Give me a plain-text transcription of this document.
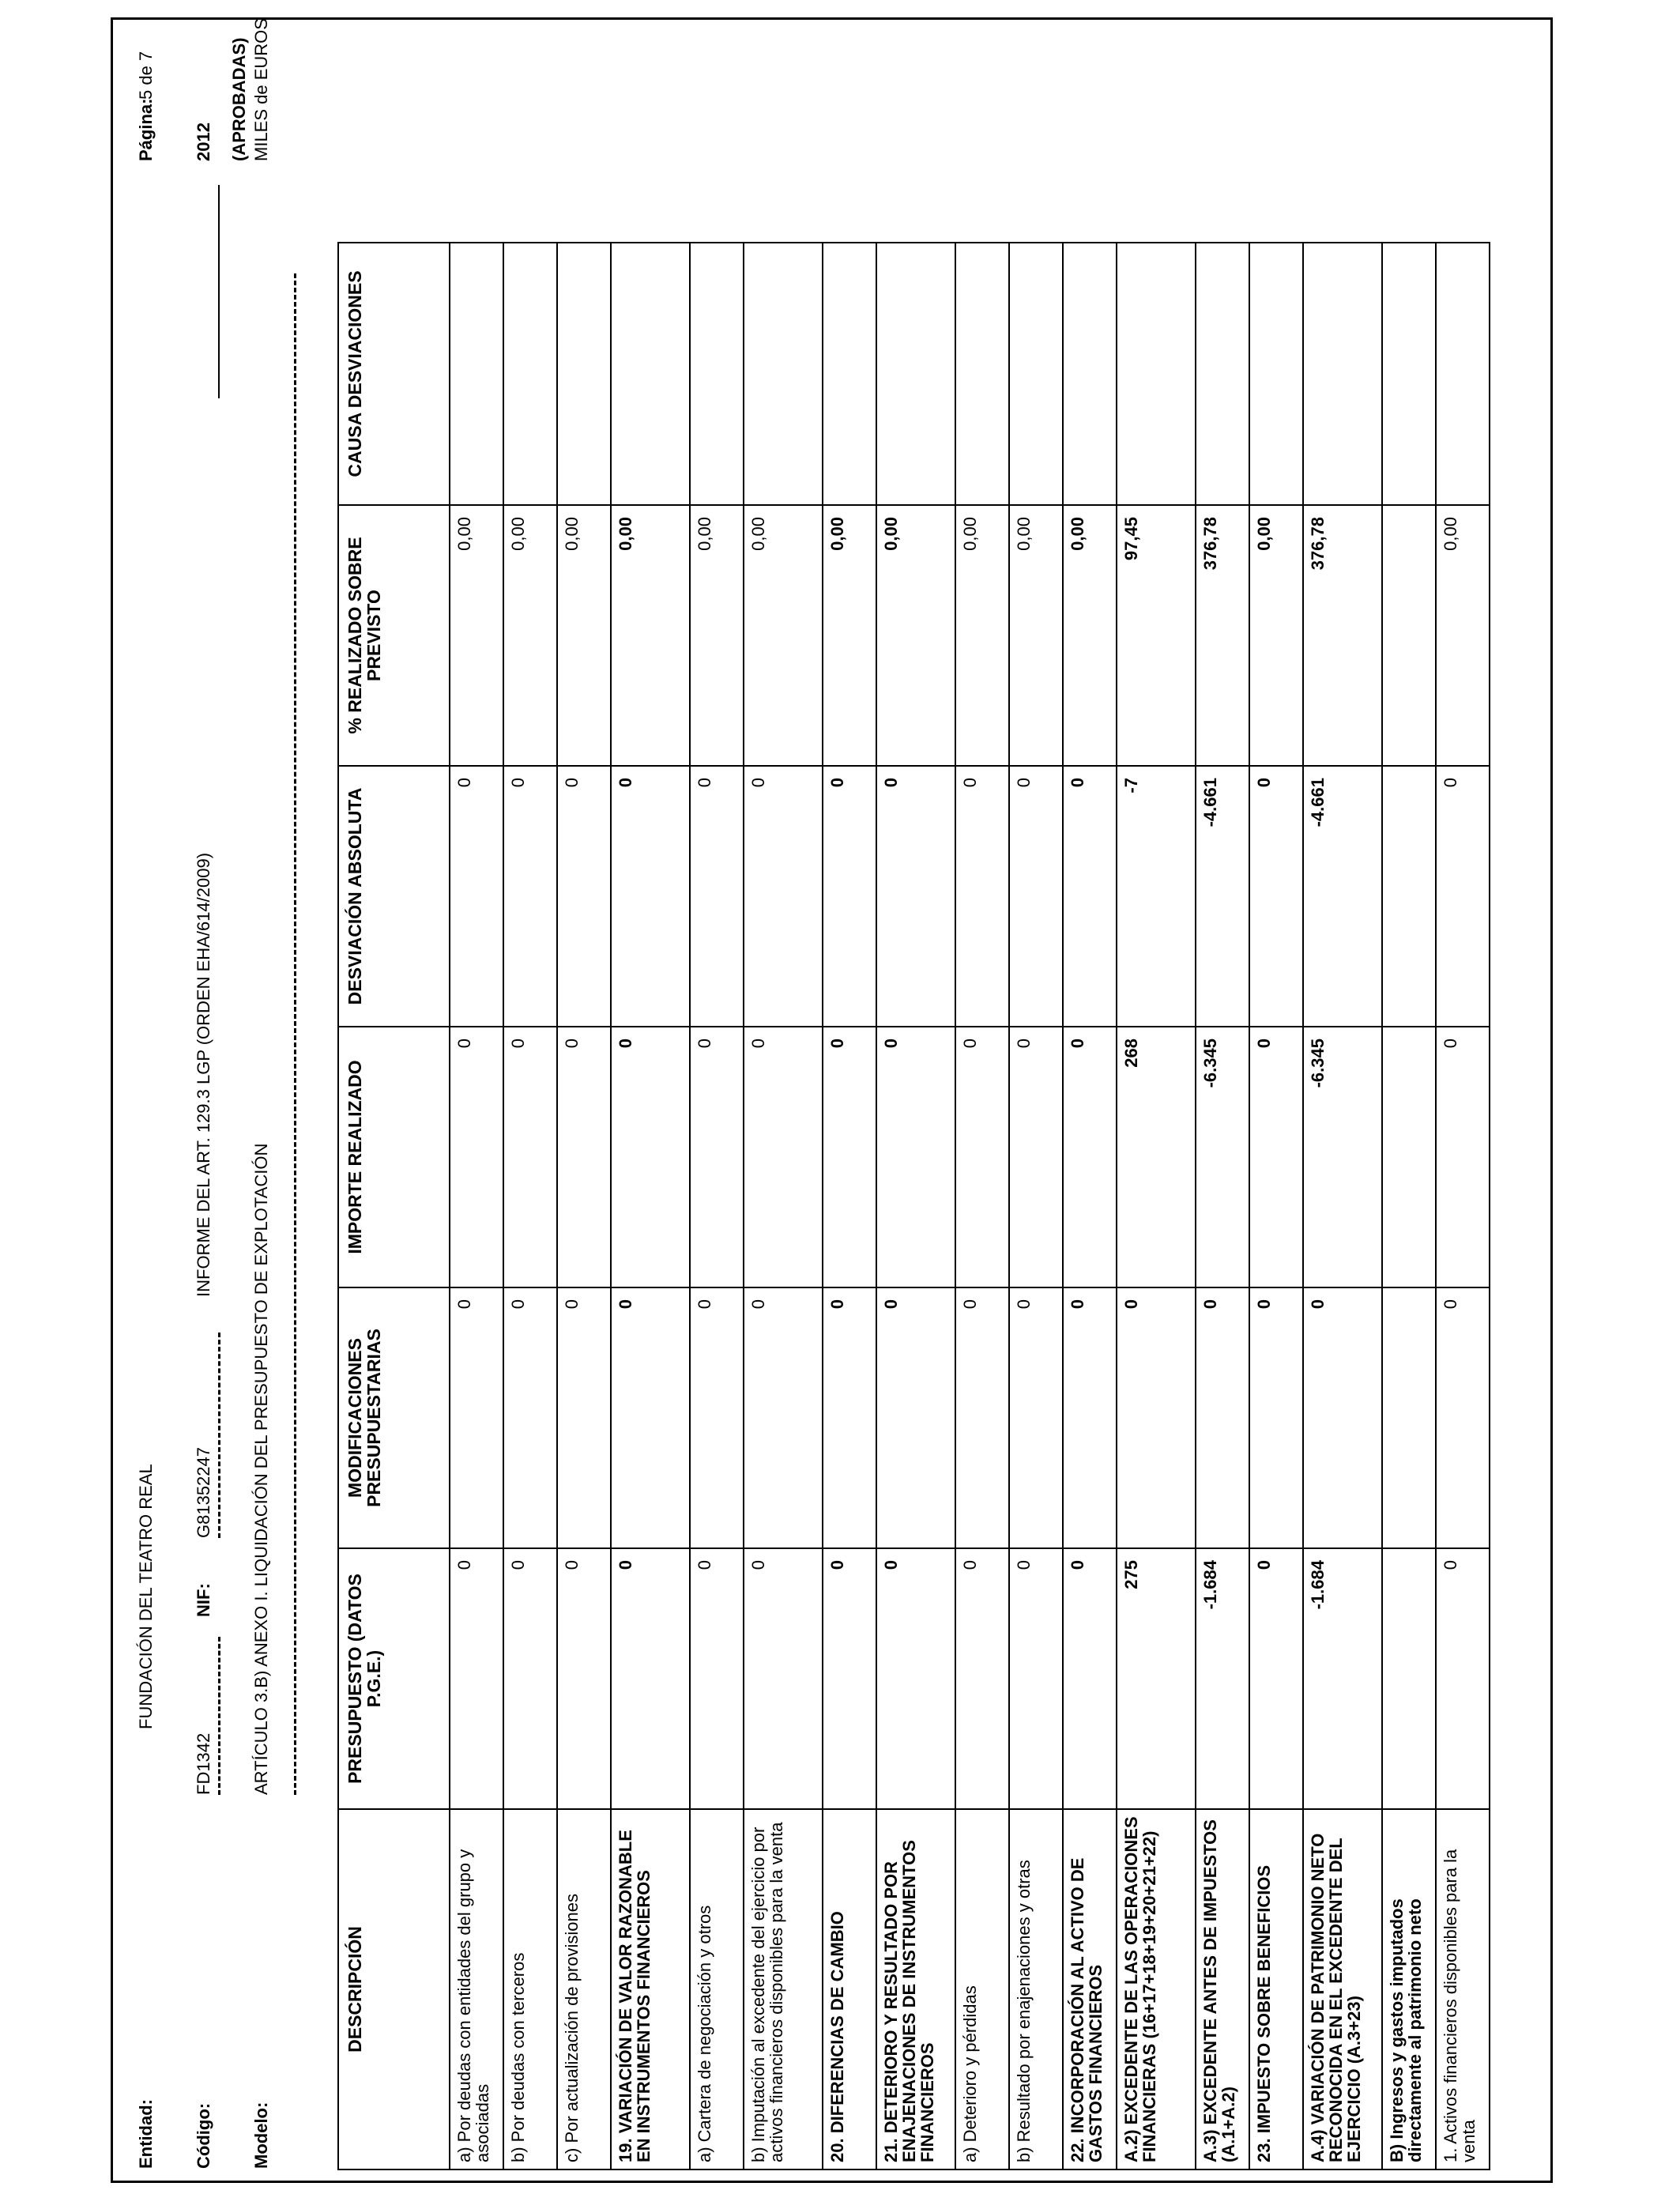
Entidad:
FUNDACIÓN DEL TEATRO REAL
Página:
5 de 7
Código:
FD1342
NIF:
G81352247
INFORME DEL ART. 129.3 LGP (ORDEN EHA/614/2009)
2012 (APROBADAS)
Modelo:
ARTÍCULO 3.B) ANEXO I. LIQUIDACIÓN DEL PRESUPUESTO DE EXPLOTACIÓN
MILES de EUROS
DESCRIPCIÓN	PRESUPUESTO (DATOS P.G.E.)	MODIFICACIONES PRESUPUESTARIAS	IMPORTE REALIZADO	DESVIACIÓN ABSOLUTA	% REALIZADO SOBRE PREVISTO	CAUSA DESVIACIONES
a) Por deudas con entidades del grupo y asociadas	0	0	0	0	0,00	
b) Por deudas con terceros	0	0	0	0	0,00	
c) Por actualización de provisiones	0	0	0	0	0,00	
19. VARIACIÓN DE VALOR RAZONABLE EN INSTRUMENTOS FINANCIEROS	0	0	0	0	0,00	
a) Cartera de negociación y otros	0	0	0	0	0,00	
b) Imputación al excedente del ejercicio por activos financieros disponibles para la venta	0	0	0	0	0,00	
20. DIFERENCIAS DE CAMBIO	0	0	0	0	0,00	
21. DETERIORO Y RESULTADO POR ENAJENACIONES DE INSTRUMENTOS FINANCIEROS	0	0	0	0	0,00	
a) Deterioro y pérdidas	0	0	0	0	0,00	
b) Resultado por enajenaciones y otras	0	0	0	0	0,00	
22. INCORPORACIÓN AL ACTIVO DE GASTOS FINANCIEROS	0	0	0	0	0,00	
A.2) EXCEDENTE DE LAS OPERACIONES FINANCIERAS (16+17+18+19+20+21+22)	275	0	268	-7	97,45	
A.3) EXCEDENTE ANTES DE IMPUESTOS (A.1+A.2)	-1.684	0	-6.345	-4.661	376,78	
23. IMPUESTO SOBRE BENEFICIOS	0	0	0	0	0,00	
A.4) VARIACIÓN DE PATRIMONIO NETO RECONOCIDA EN EL EXCEDENTE DEL EJERCICIO (A.3+23)	-1.684	0	-6.345	-4.661	376,78	
B) Ingresos y gastos imputados directamente al patrimonio neto						
1. Activos financieros disponibles para la venta	0	0	0	0	0,00	
